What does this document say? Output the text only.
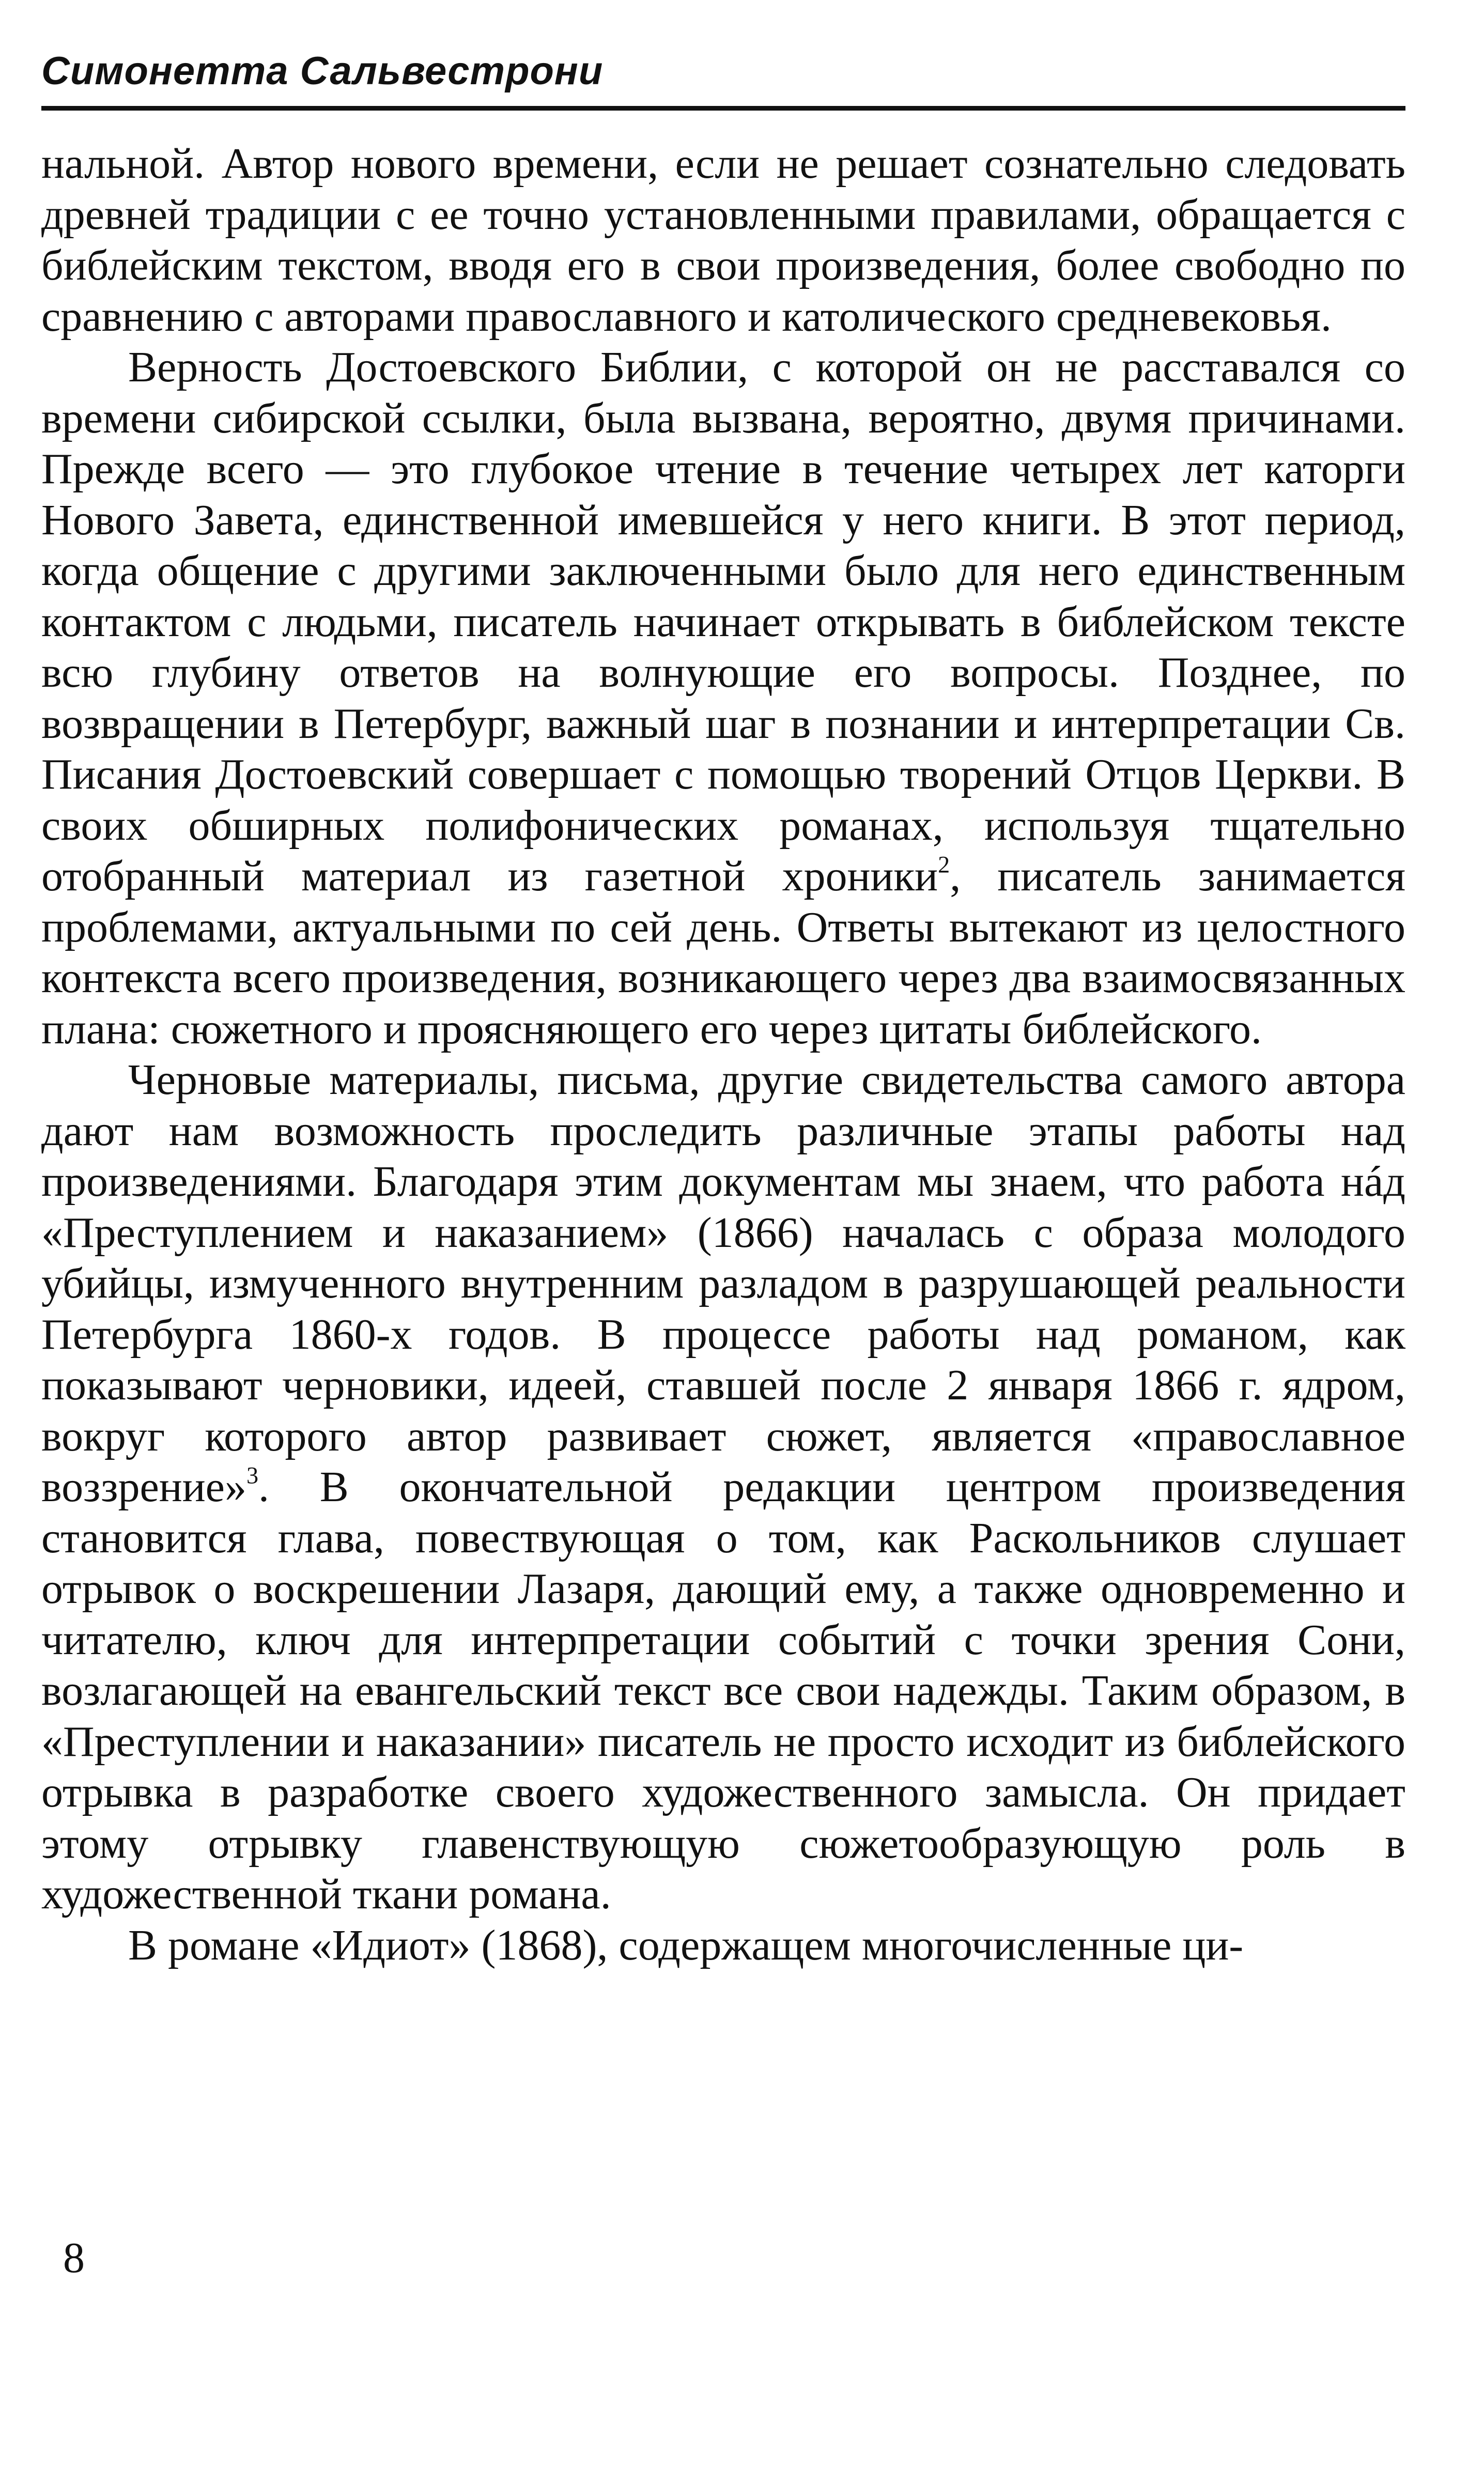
Симонетта Сальвестрони

нальной. Автор нового времени, если не решает сознательно следовать древней традиции с ее точно установленными правилами, обращается с библейским текстом, вводя его в свои произведения, более свободно по сравнению с авторами православного и католического средневековья.

Верность Достоевского Библии, с которой он не расставался со времени сибирской ссылки, была вызвана, вероятно, двумя причинами. Прежде всего — это глубокое чтение в течение четырех лет каторги Нового Завета, единственной имевшейся у него книги. В этот период, когда общение с другими заключенными было для него единственным контактом с людьми, писатель начинает открывать в библейском тексте всю глубину ответов на волнующие его вопросы. Позднее, по возвращении в Петербург, важный шаг в познании и интерпретации Св. Писания Достоевский совершает с помощью творений Отцов Церкви. В своих обширных полифонических романах, используя тщательно отобранный материал из газетной хроники$^2$, писатель занимается проблемами, актуальными по сей день. Ответы вытекают из целостного контекста всего произведения, возникающего через два взаимосвязанных плана: сюжетного и проясняющего его через цитаты библейского.

Черновые материалы, письма, другие свидетельства самого автора дают нам возможность проследить различные этапы работы над произведениями. Благодаря этим документам мы знаем, что работа нáд «Преступлением и наказанием» (1866) началась с образа молодого убийцы, измученного внутренним разладом в разрушающей реальности Петербурга 1860-х годов. В процессе работы над романом, как показывают черновики, идеей, ставшей после 2 января 1866 г. ядром, вокруг которого автор развивает сюжет, является «православное воззрение»$^3$. В окончательной редакции центром произведения становится глава, повествующая о том, как Раскольников слушает отрывок о воскрешении Лазаря, дающий ему, а также одновременно и читателю, ключ для интерпретации событий с точки зрения Сони, возлагающей на евангельский текст все свои надежды. Таким образом, в «Преступлении и наказании» писатель не просто исходит из библейского отрывка в разработке своего художественного замысла. Он придает этому отрывку главенствующую сюжетообразующую роль в художественной ткани романа.

В романе «Идиот» (1868), содержащем многочисленные ци-

8
